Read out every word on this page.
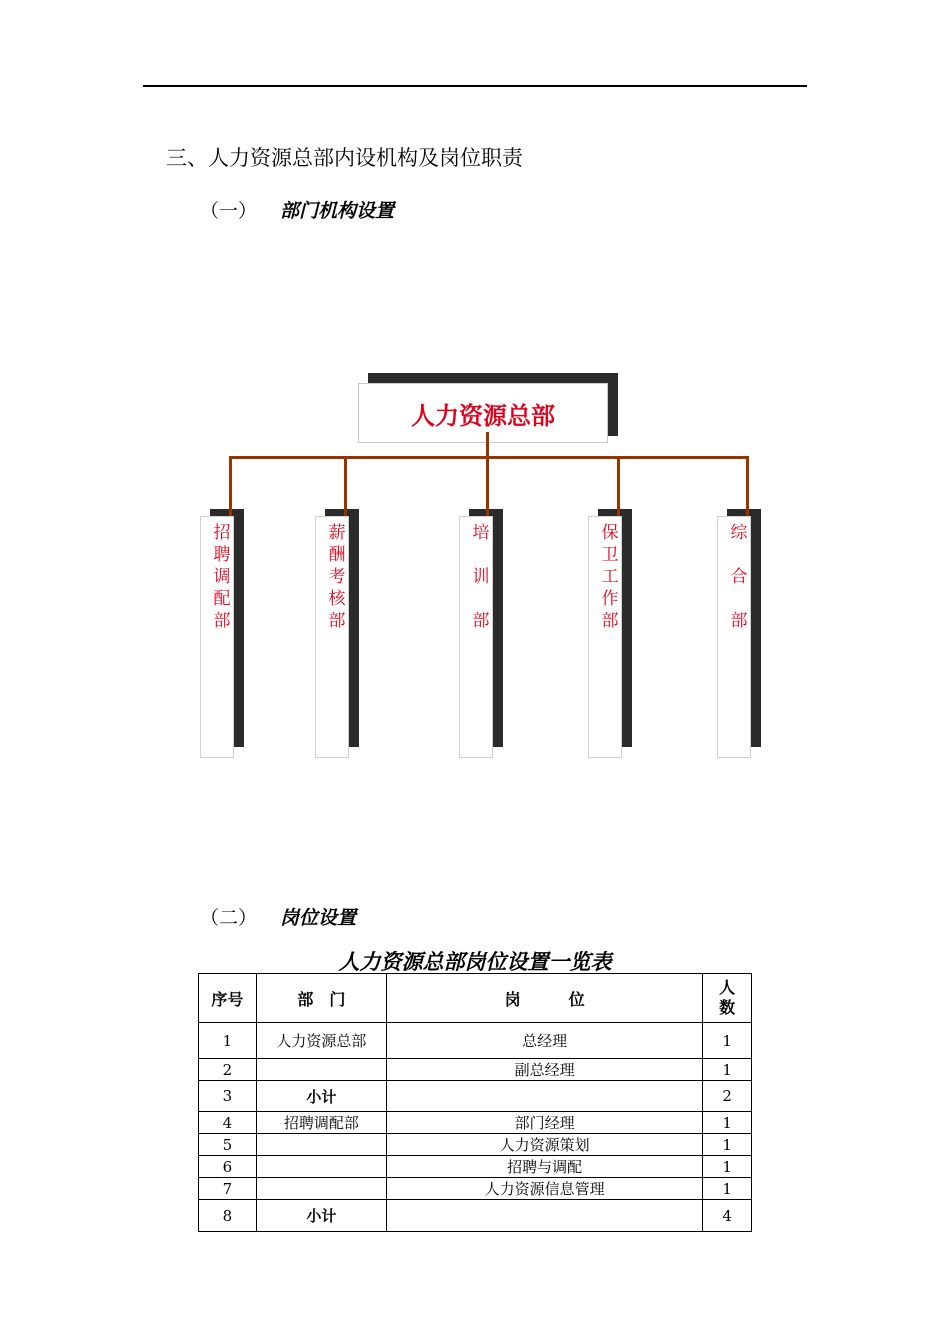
三、人力资源总部内设机构及岗位职责
（一） 部门机构设置
人力资源总部
招
聘
调
配
部
薪
酬
考
核
部
培

训

部
保
卫
工
作
部
综

合

部
（二） 岗位设置
人力资源总部岗位设置一览表
序号	部　门	岗　　　位	人数
1	人力资源总部	总经理	1
2		副总经理	1
3	小计		2
4	招聘调配部	部门经理	1
5		人力资源策划	1
6		招聘与调配	1
7		人力资源信息管理	1
8	小计		4
